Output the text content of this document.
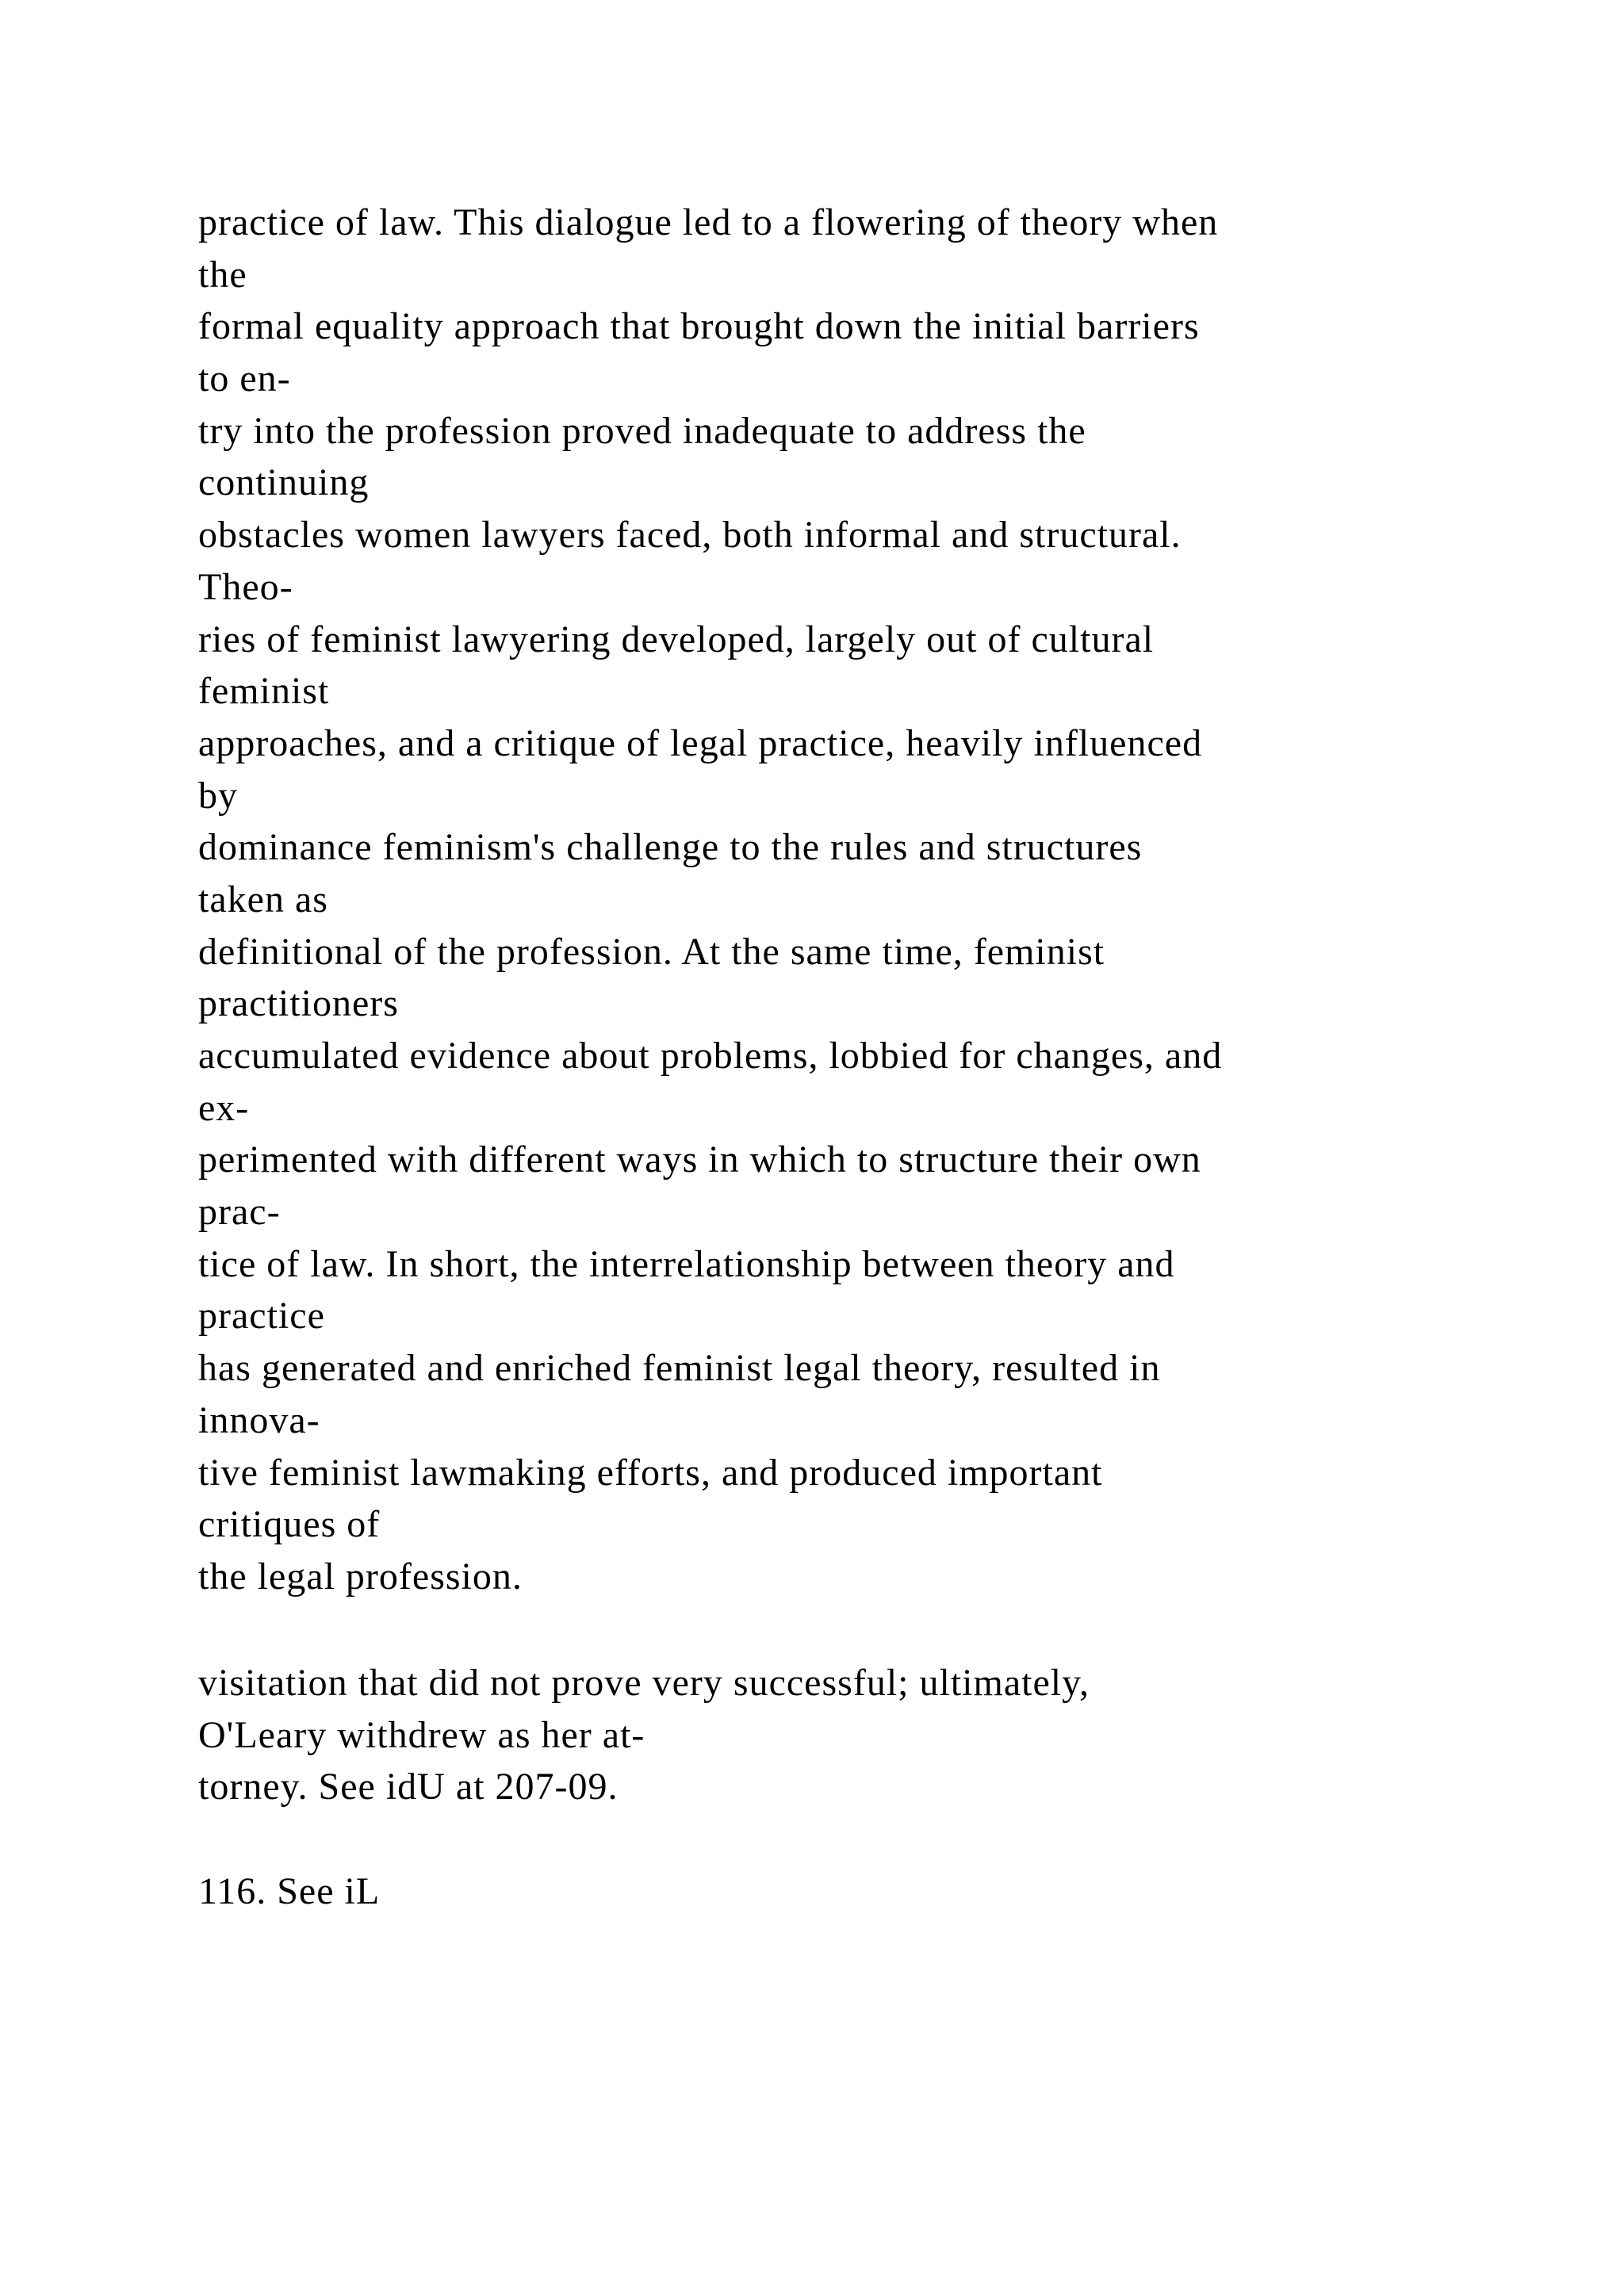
practice of law. This dialogue led to a flowering of theory when
the
formal equality approach that brought down the initial barriers
to en-
try into the profession proved inadequate to address the
continuing
obstacles women lawyers faced, both informal and structural.
Theo-
ries of feminist lawyering developed, largely out of cultural
feminist
approaches, and a critique of legal practice, heavily influenced
by
dominance feminism's challenge to the rules and structures
taken as
definitional of the profession. At the same time, feminist
practitioners
accumulated evidence about problems, lobbied for changes, and
ex-
perimented with different ways in which to structure their own
prac-
tice of law. In short, the interrelationship between theory and
practice
has generated and enriched feminist legal theory, resulted in
innova-
tive feminist lawmaking efforts, and produced important
critiques of
the legal profession.
visitation that did not prove very successful; ultimately,
O'Leary withdrew as her at-
torney. See idU at 207-09.
116. See iL
